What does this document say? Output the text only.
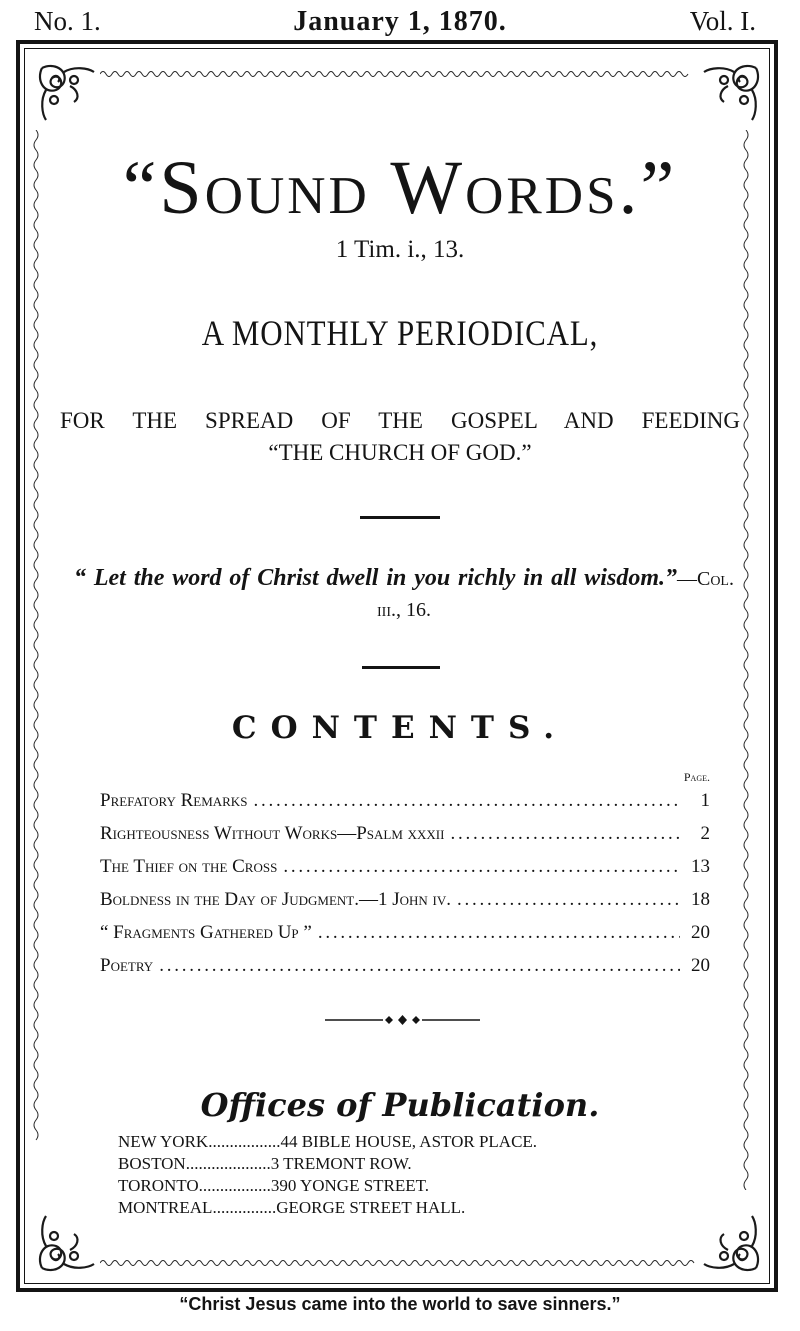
No. 1.	January 1, 1870.	Vol. I.
“Sound Words.”
1 Tim. i., 13.
A MONTHLY PERIODICAL,
FOR THE SPREAD OF THE GOSPEL AND FEEDING
“THE CHURCH OF GOD.”
“ Let the word of Christ dwell in you richly in all wisdom.”—Col. iii., 16.
CONTENTS.
Page.
Prefatory Remarks . . .	1
Righteousness Without Works—Psalm xxxii . . .	2
The Thief on the Cross . . .	13
Boldness in the Day of Judgment.—1 John iv. . . .	18
“ Fragments Gathered Up ” . . .	20
Poetry . . .	20
Offices of Publication.
NEW YORK................. 44 BIBLE HOUSE, ASTOR PLACE.
BOSTON.................... 3 TREMONT ROW.
TORONTO................. 390 YONGE STREET.
MONTREAL............... GEORGE STREET HALL.
“Christ Jesus came into the world to save sinners.”
